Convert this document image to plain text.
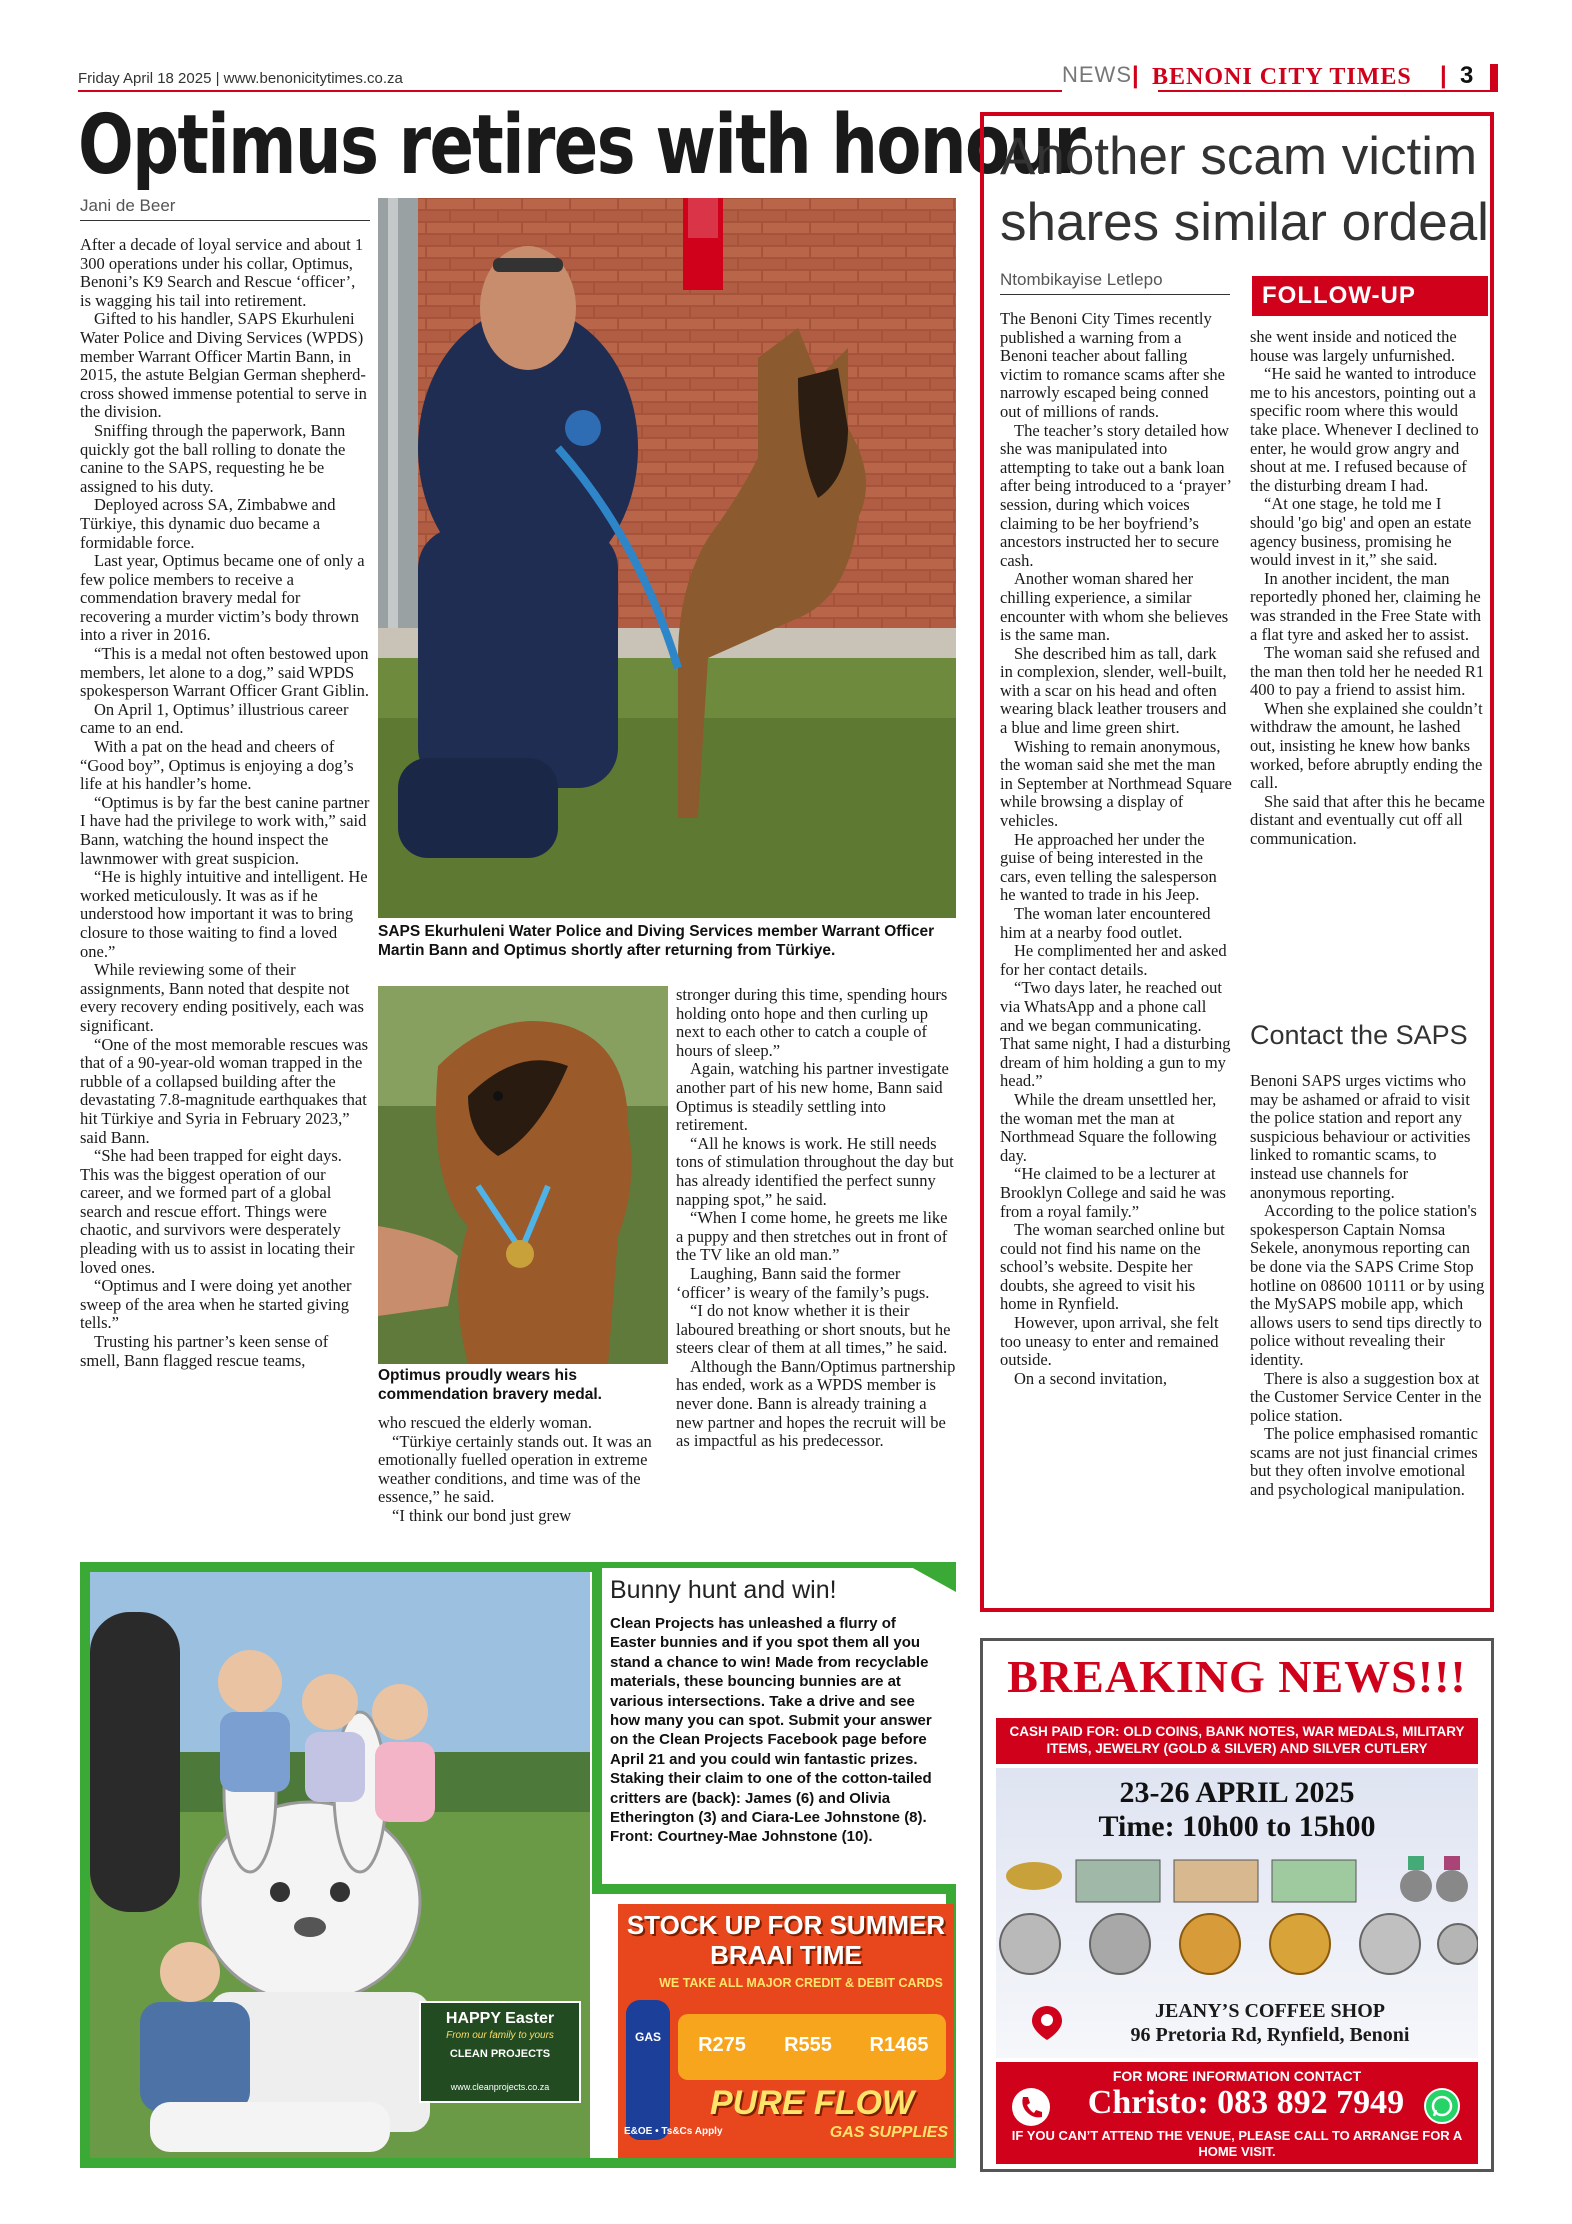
Friday April 18 2025 | www.benonicitytimes.co.za	NEWS | BENONI CITY TIMES | 3
Optimus retires with honour
Jani de Beer

After a decade of loyal service and about 1 300 operations under his collar, Optimus, Benoni’s K9 Search and Rescue ‘officer’, is wagging his tail into retirement.

Gifted to his handler, SAPS Ekurhuleni Water Police and Diving Services (WPDS) member Warrant Officer Martin Bann, in 2015, the astute Belgian German shepherd-cross showed immense potential to serve in the division.

Sniffing through the paperwork, Bann quickly got the ball rolling to donate the canine to the SAPS, requesting he be assigned to his duty.

Deployed across SA, Zimbabwe and Türkiye, this dynamic duo became a formidable force.

Last year, Optimus became one of only a few police members to receive a commendation bravery medal for recovering a murder victim’s body thrown into a river in 2016.

“This is a medal not often bestowed upon members, let alone to a dog,” said WPDS spokesperson Warrant Officer Grant Giblin.

On April 1, Optimus’ illustrious career came to an end.

With a pat on the head and cheers of “Good boy”, Optimus is enjoying a dog’s life at his handler’s home.

“Optimus is by far the best canine partner I have had the privilege to work with,” said Bann, watching the hound inspect the lawnmower with great suspicion.

“He is highly intuitive and intelligent. He worked meticulously. It was as if he understood how important it was to bring closure to those waiting to find a loved one.”

While reviewing some of their assignments, Bann noted that despite not every recovery ending positively, each was significant.

“One of the most memorable rescues was that of a 90-year-old woman trapped in the rubble of a collapsed building after the devastating 7.8-magnitude earthquakes that hit Türkiye and Syria in February 2023,” said Bann.

“She had been trapped for eight days. This was the biggest operation of our career, and we formed part of a global search and rescue effort. Things were chaotic, and survivors were desperately pleading with us to assist in locating their loved ones.

“Optimus and I were doing yet another sweep of the area when he started giving tells.”

Trusting his partner’s keen sense of smell, Bann flagged rescue teams,

SAPS Ekurhuleni Water Police and Diving Services member Warrant Officer Martin Bann and Optimus shortly after returning from Türkiye.
Optimus proudly wears his commendation bravery medal.

who rescued the elderly woman.

“Türkiye certainly stands out. It was an emotionally fuelled operation in extreme weather conditions, and time was of the essence,” he said.

“I think our bond just grew

stronger during this time, spending hours holding onto hope and then curling up next to each other to catch a couple of hours of sleep.”

Again, watching his partner investigate another part of his new home, Bann said Optimus is steadily settling into retirement.

“All he knows is work. He still needs tons of stimulation throughout the day but has already identified the perfect sunny napping spot,” he said.

“When I come home, he greets me like a puppy and then stretches out in front of the TV like an old man.”

Laughing, Bann said the former ‘officer’ is weary of the family’s pugs.

“I do not know whether it is their laboured breathing or short snouts, but he steers clear of them at all times,” he said.

Although the Bann/Optimus partnership has ended, work as a WPDS member is never done. Bann is already training a new partner and hopes the recruit will be as impactful as his predecessor.

Another scam victim shares similar ordeal
Ntombikayise Letlepo
FOLLOW-UP

The Benoni City Times recently published a warning from a Benoni teacher about falling victim to romance scams after she narrowly escaped being conned out of millions of rands.

The teacher’s story detailed how she was manipulated into attempting to take out a bank loan after being introduced to a ‘prayer’ session, during which voices claiming to be her boyfriend’s ancestors instructed her to secure cash.

Another woman shared her chilling experience, a similar encounter with whom she believes is the same man.

She described him as tall, dark in complexion, slender, well-built, with a scar on his head and often wearing black leather trousers and a blue and lime green shirt.

Wishing to remain anonymous, the woman said she met the man in September at Northmead Square while browsing a display of vehicles.

He approached her under the guise of being interested in the cars, even telling the salesperson he wanted to trade in his Jeep.

The woman later encountered him at a nearby food outlet.

He complimented her and asked for her contact details.

“Two days later, he reached out via WhatsApp and a phone call and we began communicating. That same night, I had a disturbing dream of him holding a gun to my head.”

While the dream unsettled her, the woman met the man at Northmead Square the following day.

“He claimed to be a lecturer at Brooklyn College and said he was from a royal family.”

The woman searched online but could not find his name on the school’s website. Despite her doubts, she agreed to visit his home in Rynfield.

However, upon arrival, she felt too uneasy to enter and remained outside.

On a second invitation,

she went inside and noticed the house was largely unfurnished.

“He said he wanted to introduce me to his ancestors, pointing out a specific room where this would take place. Whenever I declined to enter, he would grow angry and shout at me. I refused because of the disturbing dream I had.

“At one stage, he told me I should 'go big' and open an estate agency business, promising he would invest in it,” she said.

In another incident, the man reportedly phoned her, claiming he was stranded in the Free State with a flat tyre and asked her to assist.

The woman said she refused and the man then told her he needed R1 400 to pay a friend to assist him.

When she explained she couldn’t withdraw the amount, he lashed out, insisting he knew how banks worked, before abruptly ending the call.

She said that after this he became distant and eventually cut off all communication.

Contact the SAPS

Benoni SAPS urges victims who may be ashamed or afraid to visit the police station and report any suspicious behaviour or activities linked to romantic scams, to instead use channels for anonymous reporting.

According to the police station's spokesperson Captain Nomsa Sekele, anonymous reporting can be done via the SAPS Crime Stop hotline on 08600 10111 or by using the MySAPS mobile app, which allows users to send tips directly to police without revealing their identity.

There is also a suggestion box at the Customer Service Center in the police station.

The police emphasised romantic scams are not just financial crimes but they often involve emotional and psychological manipulation.

HAPPY Easter
From our family to yours
CLEAN PROJECTS
www.cleanprojects.co.za
Bunny hunt and win!
Clean Projects has unleashed a flurry of Easter bunnies and if you spot them all you stand a chance to win! Made from recyclable materials, these bouncing bunnies are at various intersections. Take a drive and see how many you can spot. Submit your answer on the Clean Projects Facebook page before April 21 and you could win fantastic prizes. Staking their claim to one of the cotton-tailed critters are (back): James (6) and Olivia Etherington (3) and Ciara-Lee Johnstone (8). Front: Courtney-Mae Johnstone (10).
STOCK UP FOR SUMMER
BRAAI TIME
WE TAKE ALL MAJOR CREDIT & DEBIT CARDS
GAS	R275	R555	R1465
PURE FLOW
E&OE • Ts&Cs Apply	GAS SUPPLIES
BREAKING NEWS!!!
CASH PAID FOR: OLD COINS, BANK NOTES, WAR MEDALS, MILITARY ITEMS, JEWELRY (GOLD & SILVER) AND SILVER CUTLERY
23-26 APRIL 2025
Time: 10h00 to 15h00
JEANY’S COFFEE SHOP
96 Pretoria Rd, Rynfield, Benoni
FOR MORE INFORMATION CONTACT
Christo: 083 892 7949
IF YOU CAN’T ATTEND THE VENUE, PLEASE CALL TO ARRANGE FOR A HOME VISIT.
